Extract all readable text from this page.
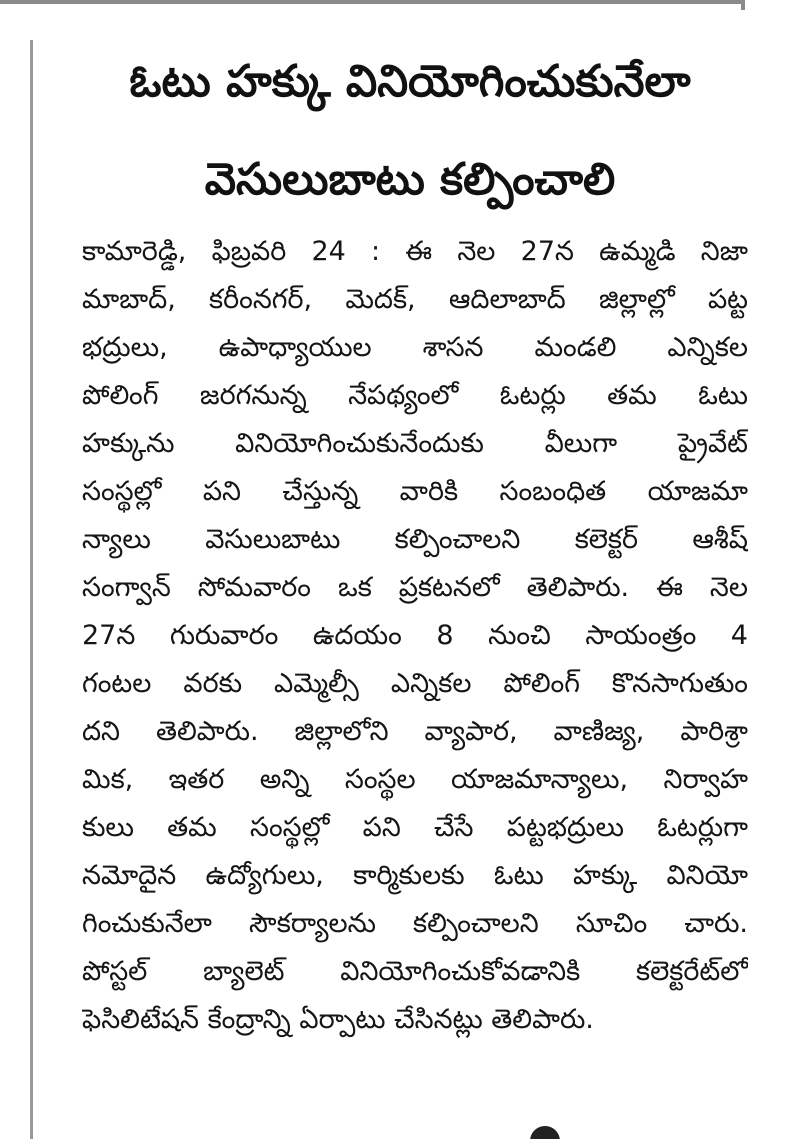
ఓటు హక్కు వినియోగించుకునేలా
వెసులుబాటు కల్పించాలి
కామారెడ్డి, ఫిబ్రవరి 24 : ఈ నెల 27న ఉమ్మడి నిజా
మాబాద్, కరీంనగర్, మెదక్, ఆదిలాబాద్ జిల్లాల్లో పట్ట
భద్రులు, ఉపాధ్యాయుల శాసన మండలి ఎన్నికల
పోలింగ్ జరగనున్న నేపథ్యంలో ఓటర్లు తమ ఓటు
హక్కును వినియోగించుకునేందుకు వీలుగా ప్రైవేట్
సంస్థల్లో పని చేస్తున్న వారికి సంబంధిత యాజమా
న్యాలు వెసులుబాటు కల్పించాలని కలెక్టర్ ఆశీష్
సంగ్వాన్ సోమవారం ఒక ప్రకటనలో తెలిపారు. ఈ నెల
27న గురువారం ఉదయం 8 నుంచి సాయంత్రం 4
గంటల వరకు ఎమ్మెల్సీ ఎన్నికల పోలింగ్ కొనసాగుతుం
దని తెలిపారు. జిల్లాలోని వ్యాపార, వాణిజ్య, పారిశ్రా
మిక, ఇతర అన్ని సంస్థల యాజమాన్యాలు, నిర్వాహ
కులు తమ సంస్థల్లో పని చేసే పట్టభద్రులు ఓటర్లుగా
నమోదైన ఉద్యోగులు, కార్మికులకు ఓటు హక్కు వినియో
గించుకునేలా సౌకర్యాలను కల్పించాలని సూచిం చారు.
పోస్టల్ బ్యాలెట్ వినియోగించుకోవడానికి కలెక్టరేట్‌లో
ఫెసిలిటేషన్ కేంద్రాన్ని ఏర్పాటు చేసినట్లు తెలిపారు.
